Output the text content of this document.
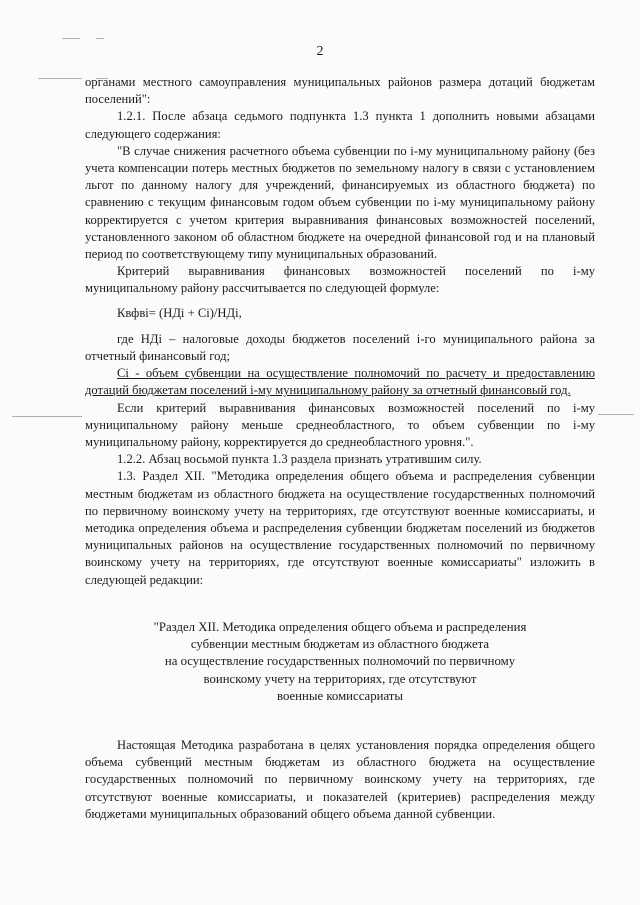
2

органами местного самоуправления муниципальных районов размера дотаций бюджетам поселений":

1.2.1. После абзаца седьмого подпункта 1.3 пункта 1 дополнить новыми абзацами следующего содержания:

"В случае снижения расчетного объема субвенции по i-му муниципальному району (без учета компенсации потерь местных бюджетов по земельному налогу в связи с установлением льгот по данному налогу для учреждений, финансируемых из областного бюджета) по сравнению с текущим финансовым годом объем субвенции по i-му муниципальному району корректируется с учетом критерия выравнивания финансовых возможностей поселений, установленного законом об областном бюджете на очередной финансовой год и на плановый период по соответствующему типу муниципальных образований.

Критерий выравнивания финансовых возможностей поселений по i-му муниципальному району рассчитывается по следующей формуле:

Квфвi= (НДi + Сi)/НДi,

где НДi – налоговые доходы бюджетов поселений i-го муниципального района за отчетный финансовый год;

Сi - объем субвенции на осуществление полномочий по расчету и предоставлению дотаций бюджетам поселений i-му муниципальному району за отчетный финансовый год.

Если критерий выравнивания финансовых возможностей поселений по i-му муниципальному району меньше среднеобластного, то объем субвенции по i-му муниципальному району, корректируется до среднеобластного уровня.".

1.2.2. Абзац восьмой пункта 1.3 раздела признать утратившим силу.

1.3. Раздел XII. "Методика определения общего объема и распределения субвенции местным бюджетам из областного бюджета на осуществление государственных полномочий по первичному воинскому учету на территориях, где отсутствуют военные комиссариаты, и методика определения объема и распределения субвенции бюджетам поселений из бюджетов муниципальных районов на осуществление государственных полномочий по первичному воинскому учету на территориях, где отсутствуют военные комиссариаты" изложить в следующей редакции:

"Раздел XII. Методика определения общего объема и распределения
субвенции местным бюджетам из областного бюджета
на осуществление государственных полномочий по первичному
воинскому учету на территориях, где отсутствуют
военные комиссариаты

Настоящая Методика разработана в целях установления порядка определения общего объема субвенций местным бюджетам из областного бюджета на осуществление государственных полномочий по первичному воинскому учету на территориях, где отсутствуют военные комиссариаты, и показателей (критериев) распределения между бюджетами муниципальных образований общего объема данной субвенции.
